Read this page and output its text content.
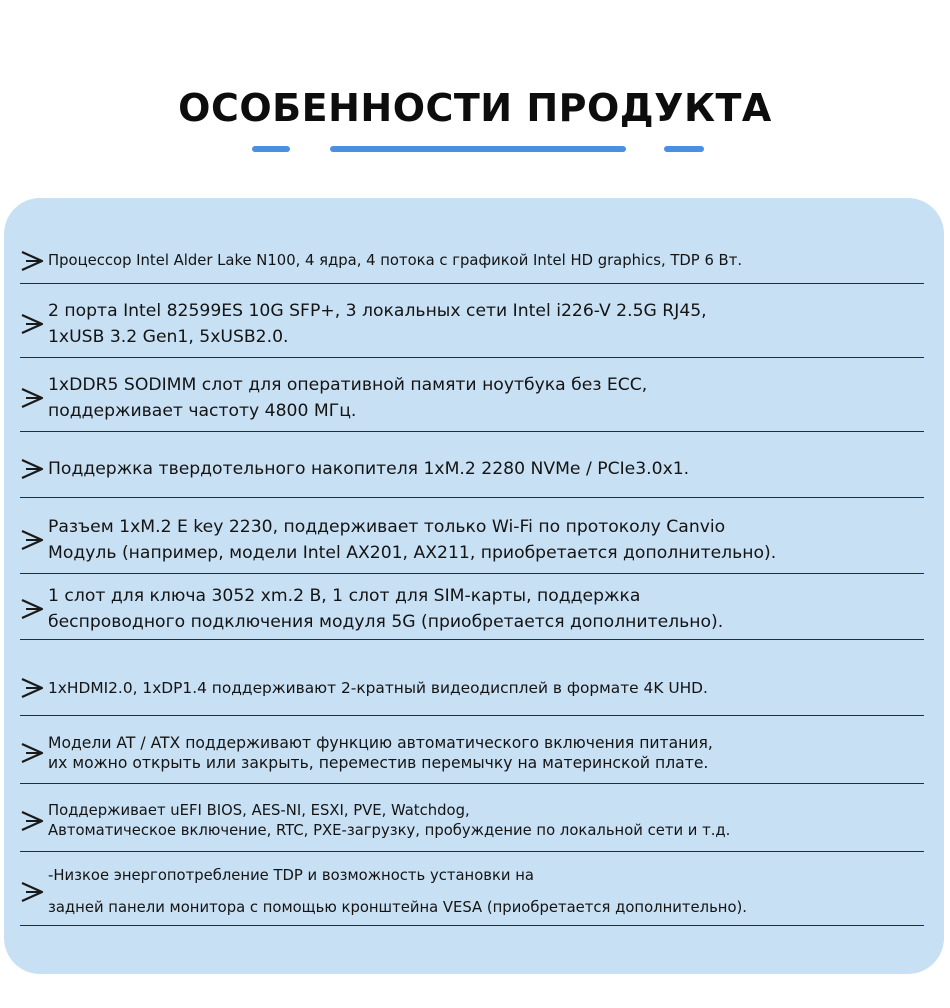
ОСОБЕННОСТИ ПРОДУКТА
Процессор Intel Alder Lake N100, 4 ядра, 4 потока с графикой Intel HD graphics, TDP 6 Вт.
2 порта Intel 82599ES 10G SFP+, 3 локальных сети Intel i226-V 2.5G RJ45,
1xUSB 3.2 Gen1, 5xUSB2.0.
1xDDR5 SODIMM слот для оперативной памяти ноутбука без ECC,
поддерживает частоту 4800 МГц.
Поддержка твердотельного накопителя 1xM.2 2280 NVMe / PCIe3.0x1.
Разъем 1xM.2 E key 2230, поддерживает только Wi-Fi по протоколу Canvio
Модуль (например, модели Intel AX201, AX211, приобретается дополнительно).
1 слот для ключа 3052 xm.2 B, 1 слот для SIM-карты, поддержка
беспроводного подключения модуля 5G (приобретается дополнительно).
1xHDMI2.0, 1xDP1.4 поддерживают 2-кратный видеодисплей в формате 4K UHD.
Модели AT / ATX поддерживают функцию автоматического включения питания,
их можно открыть или закрыть, переместив перемычку на материнской плате.
Поддерживает uEFI BIOS, AES-NI, ESXI, PVE, Watchdog,
Автоматическое включение, RTC, PXE-загрузку, пробуждение по локальной сети и т.д.
-Низкое энергопотребление TDP и возможность установки на
задней панели монитора с помощью кронштейна VESA (приобретается дополнительно).
